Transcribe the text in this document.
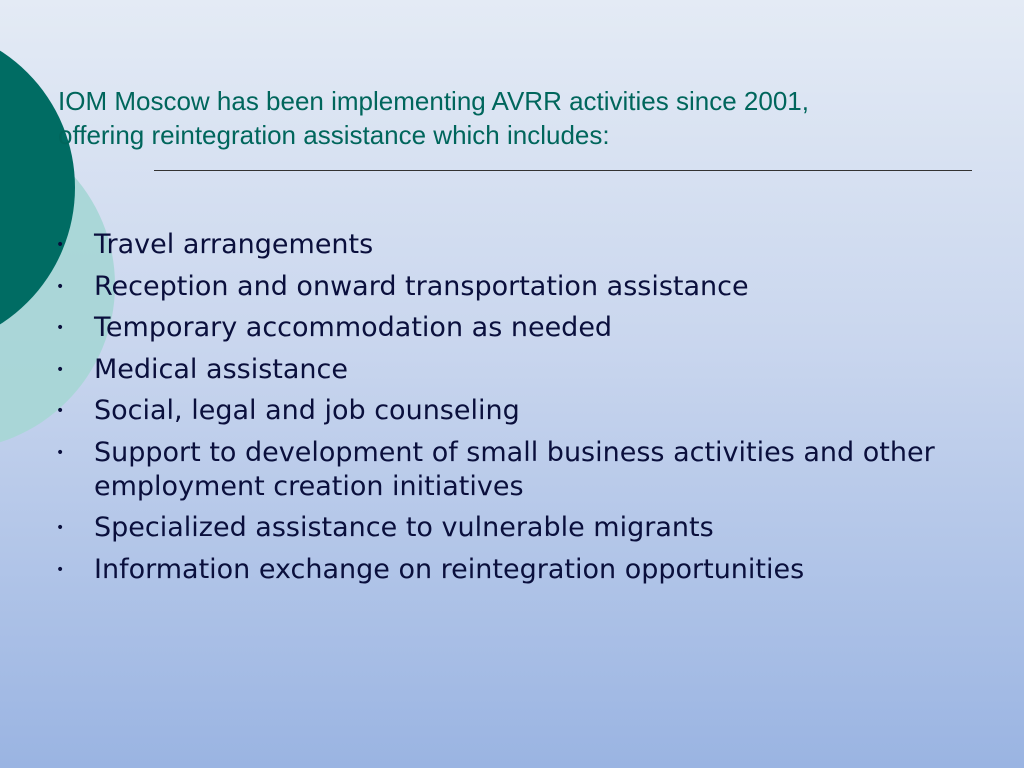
IOM Moscow has been implementing AVRR activities since 2001,
offering reintegration assistance which includes:
•	Travel arrangements
•	Reception and onward transportation assistance
•	Temporary accommodation as needed
•	Medical assistance
•	Social, legal and job counseling
•	Support to development of small business activities and other employment creation initiatives
•	Specialized assistance to vulnerable migrants
•	Information exchange on reintegration opportunities
